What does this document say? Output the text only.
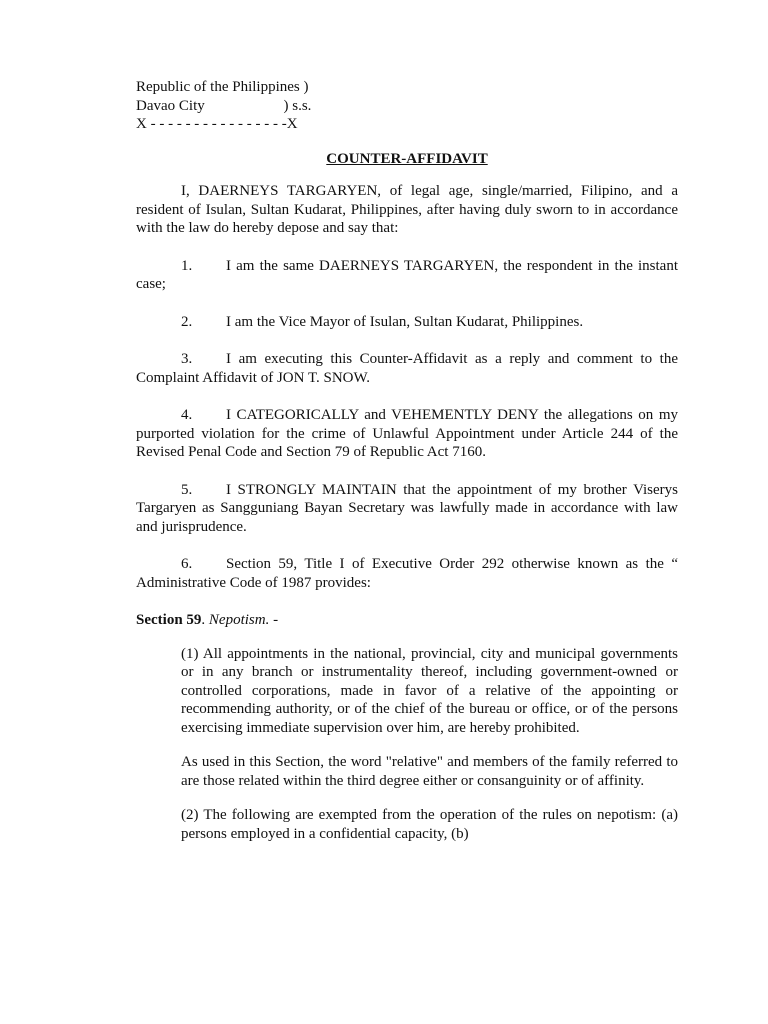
Republic of the Philippines )
Davao City                     ) s.s.
X - - - - - - - - - - - - - - - -X
COUNTER-AFFIDAVIT

I, DAERNEYS TARGARYEN, of legal age, single/married, Filipino, and a resident of Isulan, Sultan Kudarat, Philippines, after having duly sworn to in accordance with the law do hereby depose and say that:

1. I am the same DAERNEYS TARGARYEN, the respondent in the instant case;

2. I am the Vice Mayor of Isulan, Sultan Kudarat, Philippines.

3. I am executing this Counter-Affidavit as a reply and comment to the Complaint Affidavit of JON T. SNOW.

4. I CATEGORICALLY and VEHEMENTLY DENY the allegations on my purported violation for the crime of Unlawful Appointment under Article 244 of the Revised Penal Code and Section 79 of Republic Act 7160.

5. I STRONGLY MAINTAIN that the appointment of my brother Viserys Targaryen as Sangguniang Bayan Secretary was lawfully made in accordance with law and jurisprudence.

6. Section 59, Title I of Executive Order 292 otherwise known as the “ Administrative Code of 1987 provides:

Section 59. Nepotism. -

(1) All appointments in the national, provincial, city and municipal governments or in any branch or instrumentality thereof, including government-owned or controlled corporations, made in favor of a relative of the appointing or recommending authority, or of the chief of the bureau or office, or of the persons exercising immediate supervision over him, are hereby prohibited.

As used in this Section, the word "relative" and members of the family referred to are those related within the third degree either or consanguinity or of affinity.

(2) The following are exempted from the operation of the rules on nepotism: (a) persons employed in a confidential capacity, (b)
